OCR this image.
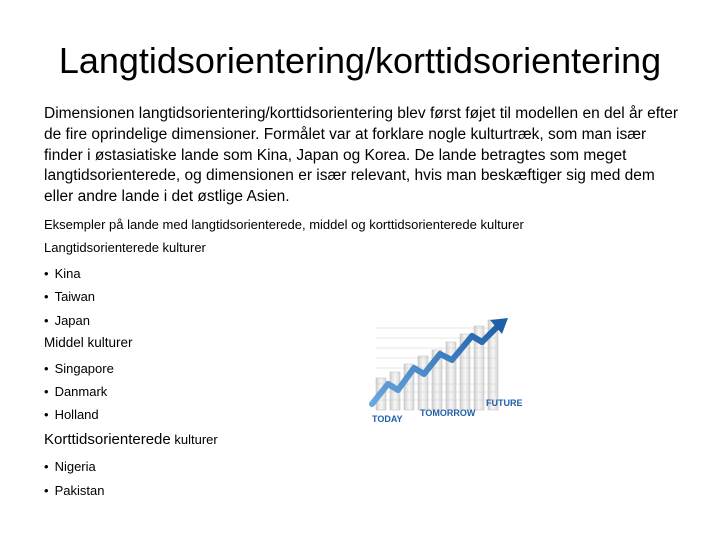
Langtidsorientering/korttidsorientering
Dimensionen langtidsorientering/korttidsorientering blev først føjet til modellen en del år efter de fire oprindelige dimensioner. Formålet var at forklare nogle kulturtræk, som man især finder i østasiatiske lande som Kina, Japan og Korea. De lande betragtes som meget langtidsorienterede, og dimensionen er især relevant, hvis man beskæftiger sig med dem eller andre lande i det østlige Asien.
Eksempler på lande med langtidsorienterede, middel og korttidsorienterede kulturer
Langtidsorienterede kulturer
• Kina
• Taiwan
• Japan
Middel kulturer
• Singapore
• Danmark
• Holland
Korttidsorienterede kulturer
• Nigeria
• Pakistan
TODAY
TOMORROW
FUTURE
